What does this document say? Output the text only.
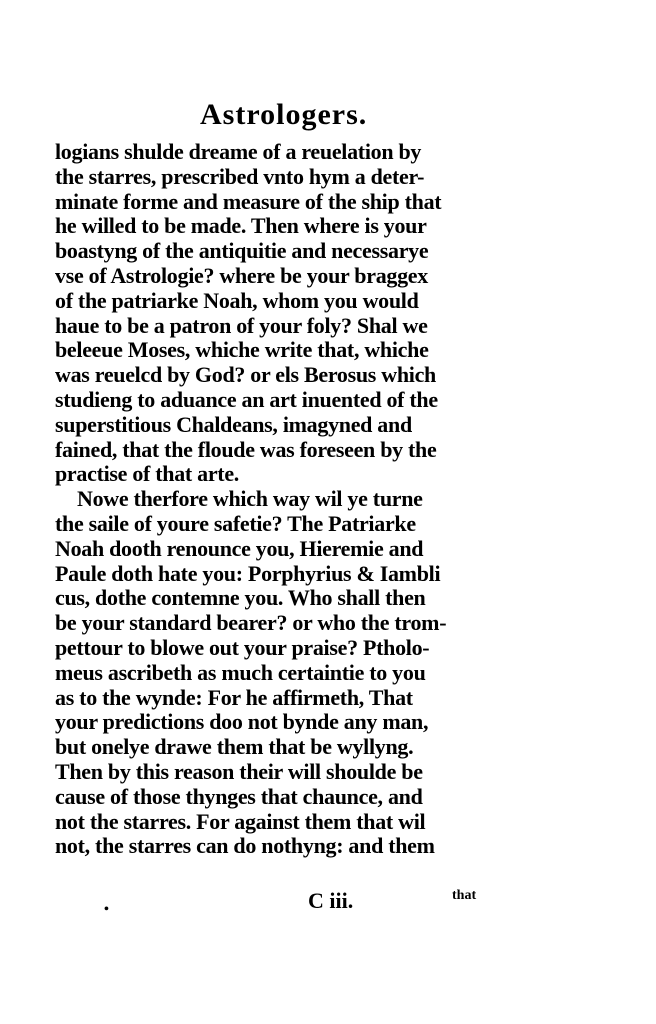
Astrologers.
logians shulde dreame of a reuelation by
the starres, prescribed vnto hym a deter-
minate forme and measure of the ship that
he willed to be made. Then where is your
boastyng of the antiquitie and necessarye
vse of Astrologie? where be your braggex
of the patriarke Noah, whom you would
haue to be a patron of your foly? Shal we
beleeue Moses, whiche write that, whiche
was reuelcd by God? or els Berosus which
studieng to aduance an art inuented of the
superstitious Chaldeans, imagyned and
fained, that the floude was foreseen by the
practise of that arte.
Nowe therfore which way wil ye turne
the saile of youre safetie? The Patriarke
Noah dooth renounce you, Hieremie and
Paule doth hate you: Porphyrius & Iambli
cus, dothe contemne you. Who shall then
be your standard bearer? or who the trom-
pettour to blowe out your praise? Ptholo-
meus ascribeth as much certaintie to you
as to the wynde: For he affirmeth, That
your predictions doo not bynde any man,
but onelye drawe them that be wyllyng.
Then by this reason their will shoulde be
cause of those thynges that chaunce, and
not the starres. For against them that wil
not, the starres can do nothyng: and them
•	C iii.	that
